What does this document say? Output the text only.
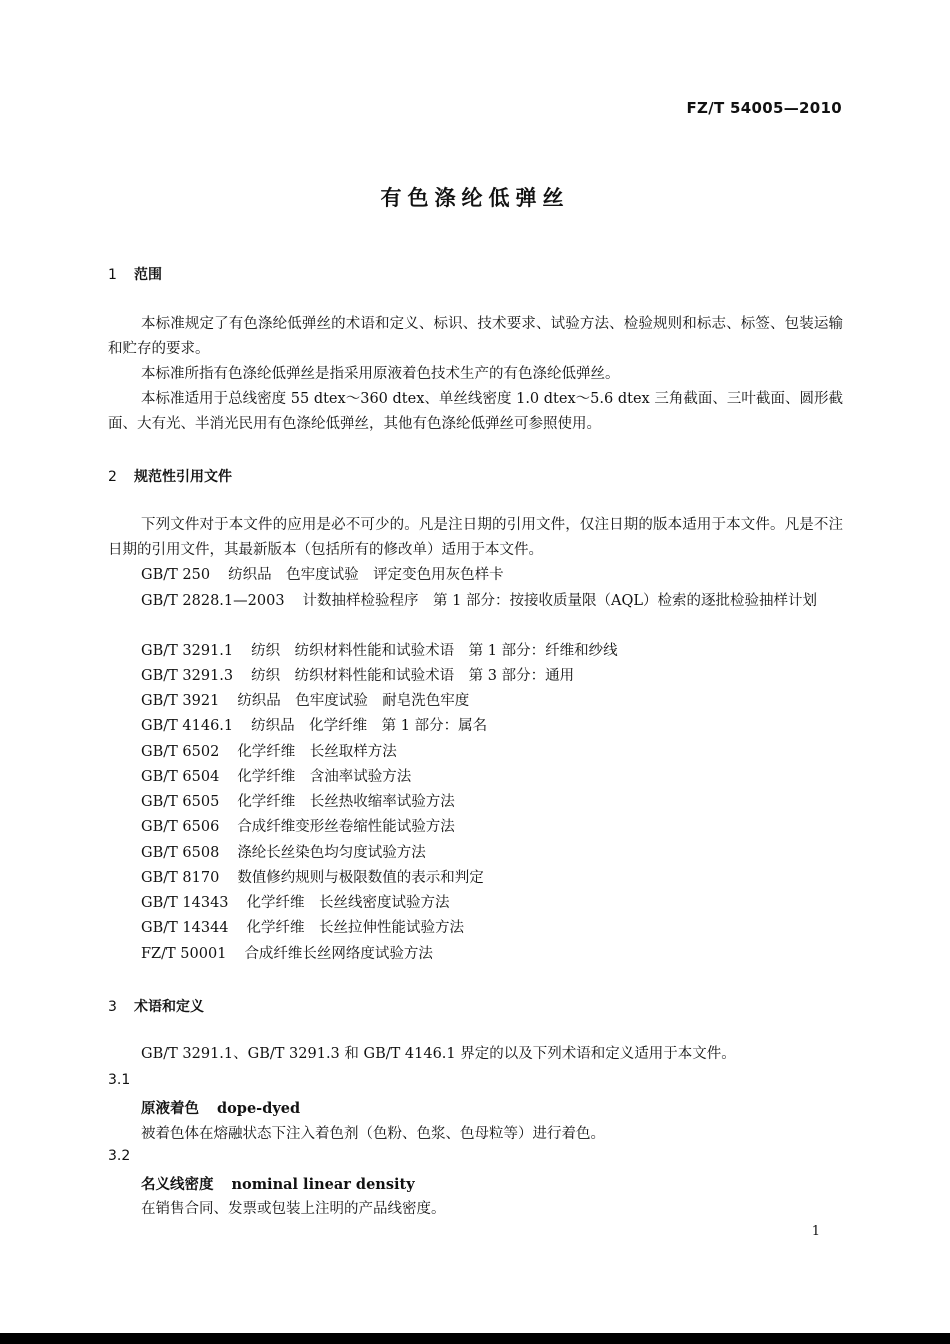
FZ/T 54005—2010
有色涤纶低弹丝
1 范围
本标准规定了有色涤纶低弹丝的术语和定义、标识、技术要求、试验方法、检验规则和标志、标签、包装运输和贮存的要求。
本标准所指有色涤纶低弹丝是指采用原液着色技术生产的有色涤纶低弹丝。
本标准适用于总线密度 55 dtex～360 dtex、单丝线密度 1.0 dtex～5.6 dtex 三角截面、三叶截面、圆形截面、大有光、半消光民用有色涤纶低弹丝，其他有色涤纶低弹丝可参照使用。
2 规范性引用文件
下列文件对于本文件的应用是必不可少的。凡是注日期的引用文件，仅注日期的版本适用于本文件。凡是不注日期的引用文件，其最新版本（包括所有的修改单）适用于本文件。
GB/T 250 纺织品　色牢度试验　评定变色用灰色样卡
GB/T 2828.1—2003 计数抽样检验程序　第 1 部分：按接收质量限（AQL）检索的逐批检验抽样计划
GB/T 3291.1 纺织　纺织材料性能和试验术语　第 1 部分：纤维和纱线
GB/T 3291.3 纺织　纺织材料性能和试验术语　第 3 部分：通用
GB/T 3921 纺织品　色牢度试验　耐皂洗色牢度
GB/T 4146.1 纺织品　化学纤维　第 1 部分：属名
GB/T 6502 化学纤维　长丝取样方法
GB/T 6504 化学纤维　含油率试验方法
GB/T 6505 化学纤维　长丝热收缩率试验方法
GB/T 6506 合成纤维变形丝卷缩性能试验方法
GB/T 6508 涤纶长丝染色均匀度试验方法
GB/T 8170 数值修约规则与极限数值的表示和判定
GB/T 14343 化学纤维　长丝线密度试验方法
GB/T 14344 化学纤维　长丝拉伸性能试验方法
FZ/T 50001 合成纤维长丝网络度试验方法
3 术语和定义
GB/T 3291.1、GB/T 3291.3 和 GB/T 4146.1 界定的以及下列术语和定义适用于本文件。
3.1
原液着色 dope-dyed
被着色体在熔融状态下注入着色剂（色粉、色浆、色母粒等）进行着色。
3.2
名义线密度 nominal linear density
在销售合同、发票或包装上注明的产品线密度。
1
